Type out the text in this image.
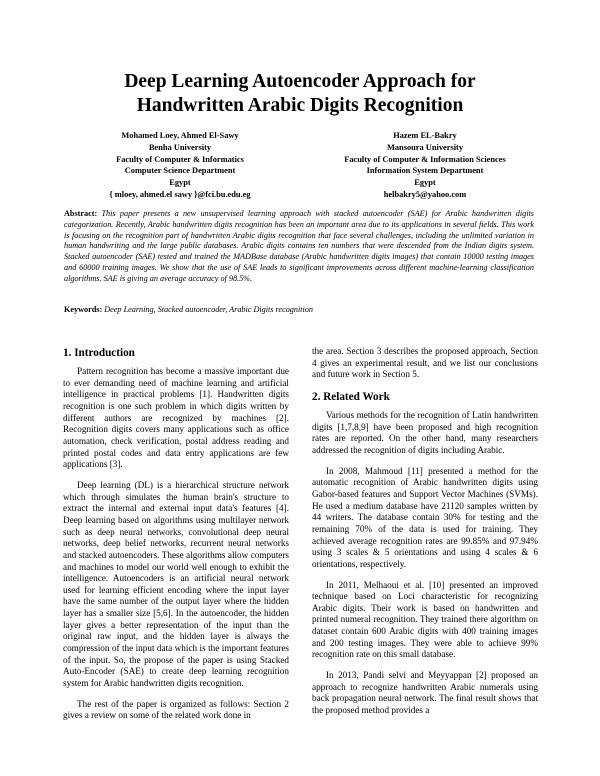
Deep Learning Autoencoder Approach for
Handwritten Arabic Digits Recognition
Mohamed Loey, Ahmed El-Sawy
Benha University
Faculty of Computer & Informatics
Computer Science Department
Egypt
{ mloey, ahmed.el sawy }@fci.bu.edu.eg
Hazem EL-Bakry
Mansoura University
Faculty of Computer & Information Sciences
Information System Department
Egypt
helbakry5@yahoo.com
Abstract: This paper presents a new unsupervised learning approach with stacked autoencoder (SAE) for Arabic handwritten digits categorization. Recently, Arabic handwritten digits recognition has been an important area due to its applications in several fields. This work is focusing on the recognition part of handwritten Arabic digits recognition that face several challenges, including the unlimited variation in human handwriting and the large public databases. Arabic digits contains ten numbers that were descended from the Indian digits system. Stacked autoencoder (SAE) tested and trained the MADBase database (Arabic handwritten digits images) that contain 10000 testing images and 60000 training images. We show that the use of SAE leads to significant improvements across different machine-learning classification algorithms. SAE is giving an average accuracy of 98.5%.
Keywords: Deep Learning, Stacked autoencoder, Arabic Digits recognition
1. Introduction

Pattern recognition has become a massive important due to ever demanding need of machine learning and artificial intelligence in practical problems [1]. Handwritten digits recognition is one such problem in which digits written by different authors are recognized by machines [2]. Recognition digits covers many applications such as office automation, check verification, postal address reading and printed postal codes and data entry applications are few applications [3].

Deep learning (DL) is a hierarchical structure network which through simulates the human brain's structure to extract the internal and external input data's features [4]. Deep learning based on algorithms using multilayer network such as deep neural networks, convolutional deep neural networks, deep belief networks, recurrent neural networks and stacked autoencoders. These algorithms allow computers and machines to model our world well enough to exhibit the intelligence. Autoencoders is an artificial neural network used for learning efficient encoding where the input layer have the same number of the output layer where the hidden layer has a smaller size [5,6]. In the autoencoder, the hidden layer gives a better representation of the input than the original raw input, and the hidden layer is always the compression of the input data which is the important features of the input. So, the propose of the paper is using Stacked Auto-Encoder (SAE) to create deep learning recognition system for Arabic handwritten digits recognition.

The rest of the paper is organized as follows: Section 2 gives a review on some of the related work done in

the area. Section 3 describes the proposed approach, Section 4 gives an experimental result, and we list our conclusions and future work in Section 5.

2. Related Work

Various methods for the recognition of Latin handwritten digits [1,7,8,9] have been proposed and high recognition rates are reported. On the other hand, many researchers addressed the recognition of digits including Arabic.

In 2008, Mahmoud [11] presented a method for the automatic recognition of Arabic handwritten digits using Gabor-based features and Support Vector Machines (SVMs). He used a medium database have 21120 samples written by 44 writers. The database contain 30% for testing and the remaining 70% of the data is used for training. They achieved average recognition rates are 99.85% and 97.94% using 3 scales & 5 orientations and using 4 scales & 6 orientations, respectively.

In 2011, Melhaoui et al. [10] presented an improved technique based on Loci characteristic for recognizing Arabic digits. Their work is based on handwritten and printed numeral recognition. They trained there algorithm on dataset contain 600 Arabic digits with 400 training images and 200 testing images. They were able to achieve 99% recognition rate on this small database.

In 2013, Pandi selvi and Meyyappan [2] proposed an approach to recognize handwritten Arabic numerals using back propagation neural network. The final result shows that the proposed method provides a
